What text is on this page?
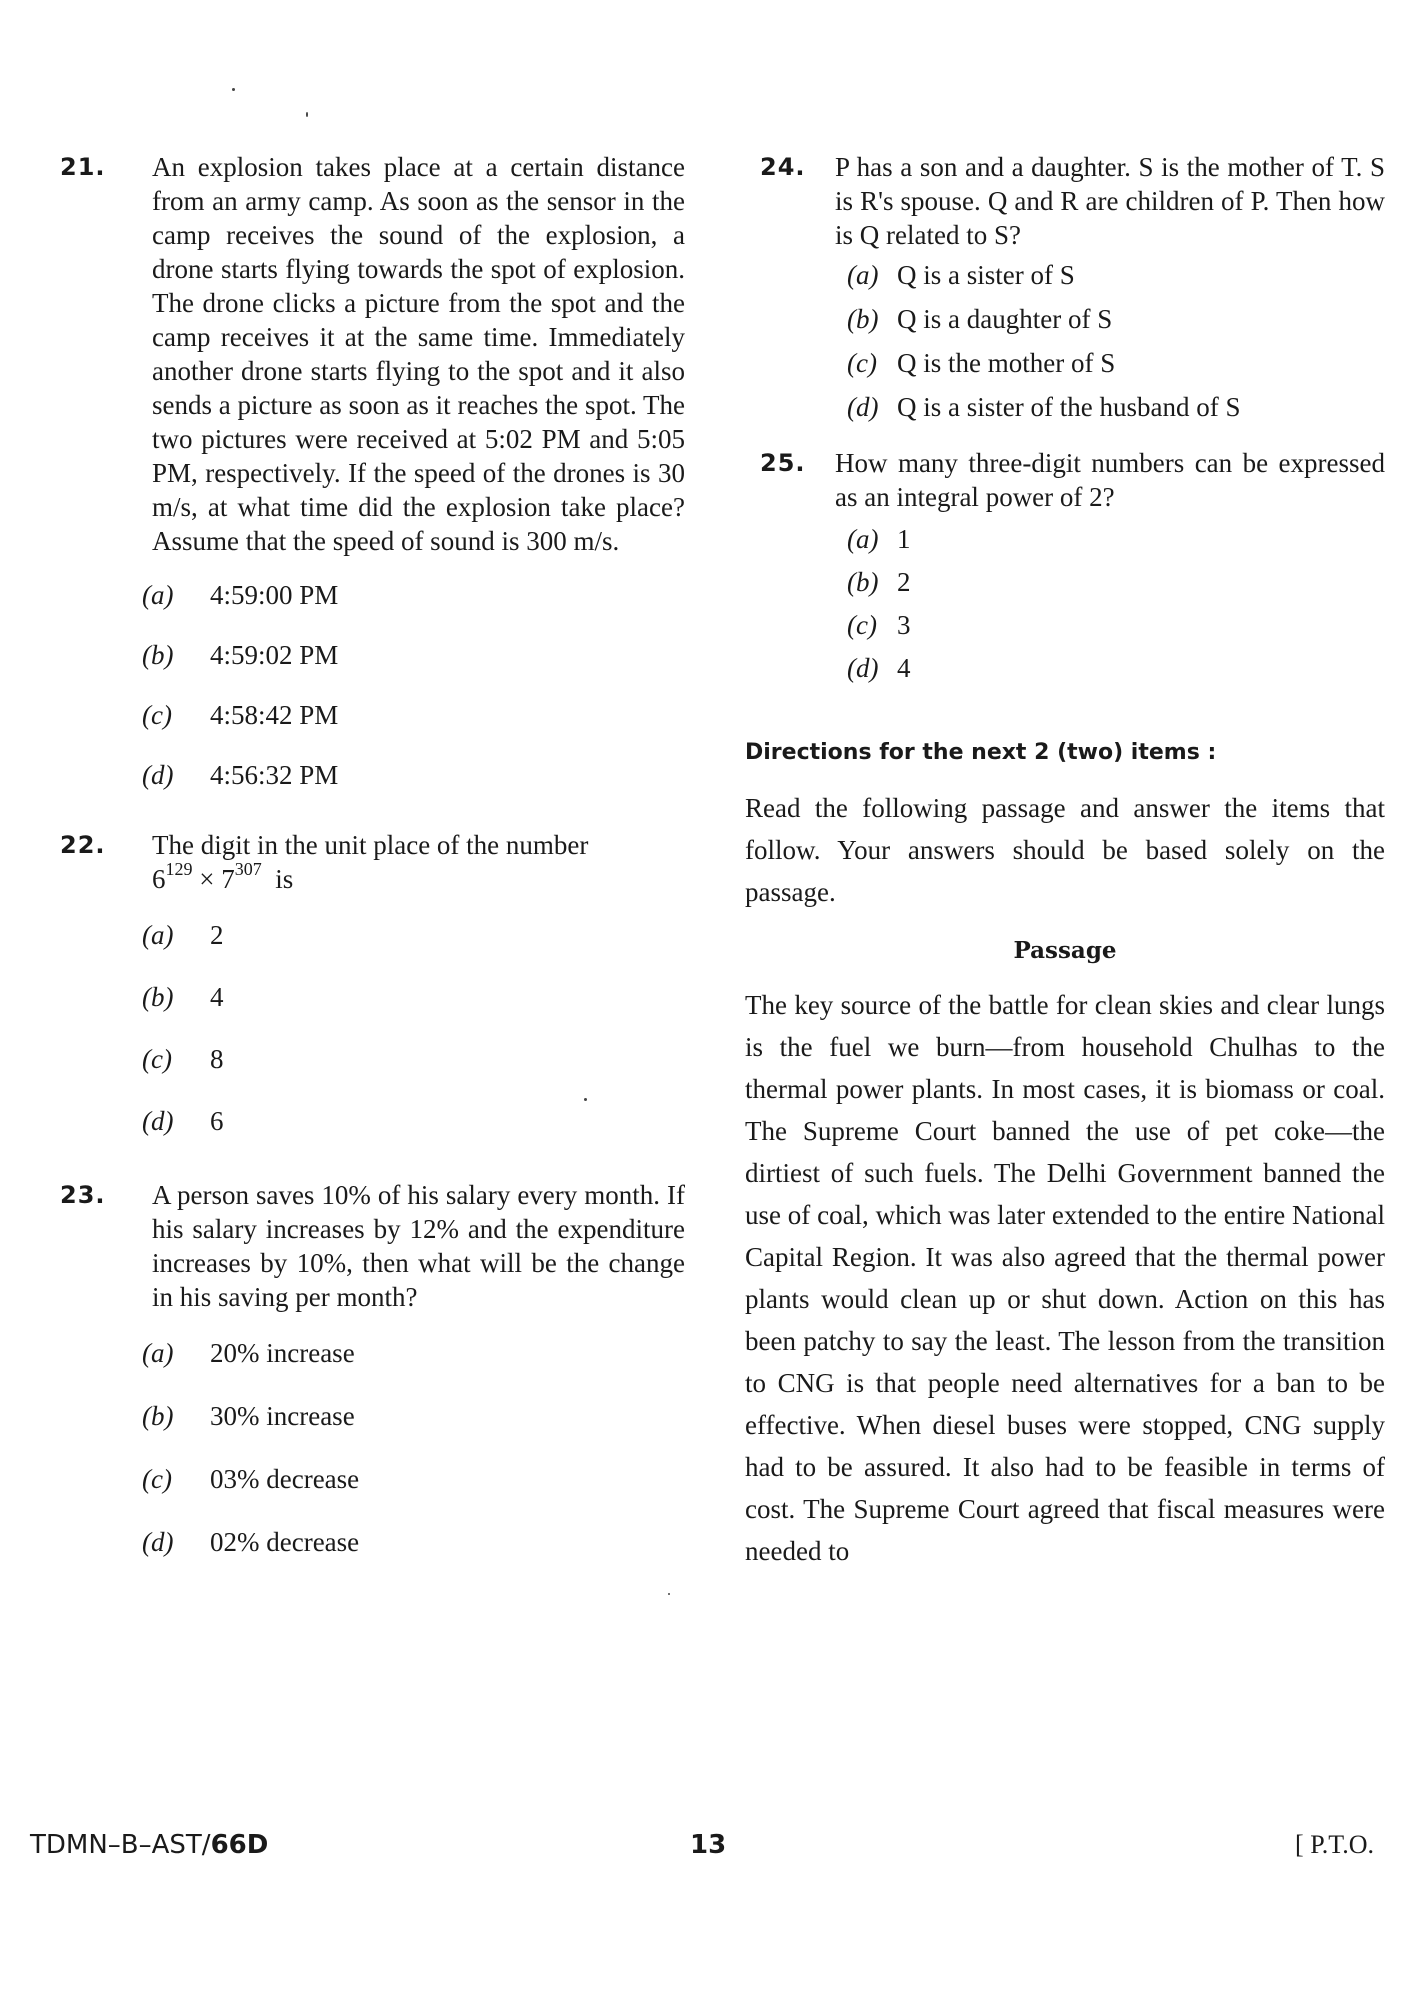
21.	An explosion takes place at a certain distance from an army camp. As soon as the sensor in the camp receives the sound of the explosion, a drone starts flying towards the spot of explosion. The drone clicks a picture from the spot and the camp receives it at the same time. Immediately another drone starts flying to the spot and it also sends a picture as soon as it reaches the spot. The two pictures were received at 5:02 PM and 5:05 PM, respectively. If the speed of the drones is 30 m/s, at what time did the explosion take place? Assume that the speed of sound is 300 m/s.
(a) 4:59:00 PM
(b) 4:59:02 PM
(c) 4:58:42 PM
(d) 4:56:32 PM
22.	The digit in the unit place of the number
$6^{129} \times 7^{307}$ is
(a) 2
(b) 4
(c) 8
(d) 6
23.	A person saves 10% of his salary every month. If his salary increases by 12% and the expenditure increases by 10%, then what will be the change in his saving per month?
(a) 20% increase
(b) 30% increase
(c) 03% decrease
(d) 02% decrease
24.	P has a son and a daughter. S is the mother of T. S is R's spouse. Q and R are children of P. Then how is Q related to S?
(a) Q is a sister of S
(b) Q is a daughter of S
(c) Q is the mother of S
(d) Q is a sister of the husband of S
25.	How many three-digit numbers can be expressed as an integral power of 2?
(a) 1
(b) 2
(c) 3
(d) 4
Directions for the next 2 (two) items :
Read the following passage and answer the items that follow. Your answers should be based solely on the passage.
Passage
The key source of the battle for clean skies and clear lungs is the fuel we burn—from household Chulhas to the thermal power plants. In most cases, it is biomass or coal. The Supreme Court banned the use of pet coke—the dirtiest of such fuels. The Delhi Government banned the use of coal, which was later extended to the entire National Capital Region. It was also agreed that the thermal power plants would clean up or shut down. Action on this has been patchy to say the least. The lesson from the transition to CNG is that people need alternatives for a ban to be effective. When diesel buses were stopped, CNG supply had to be assured. It also had to be feasible in terms of cost. The Supreme Court agreed that fiscal measures were needed to
TDMN–B–AST/66D	13	[ P.T.O.
